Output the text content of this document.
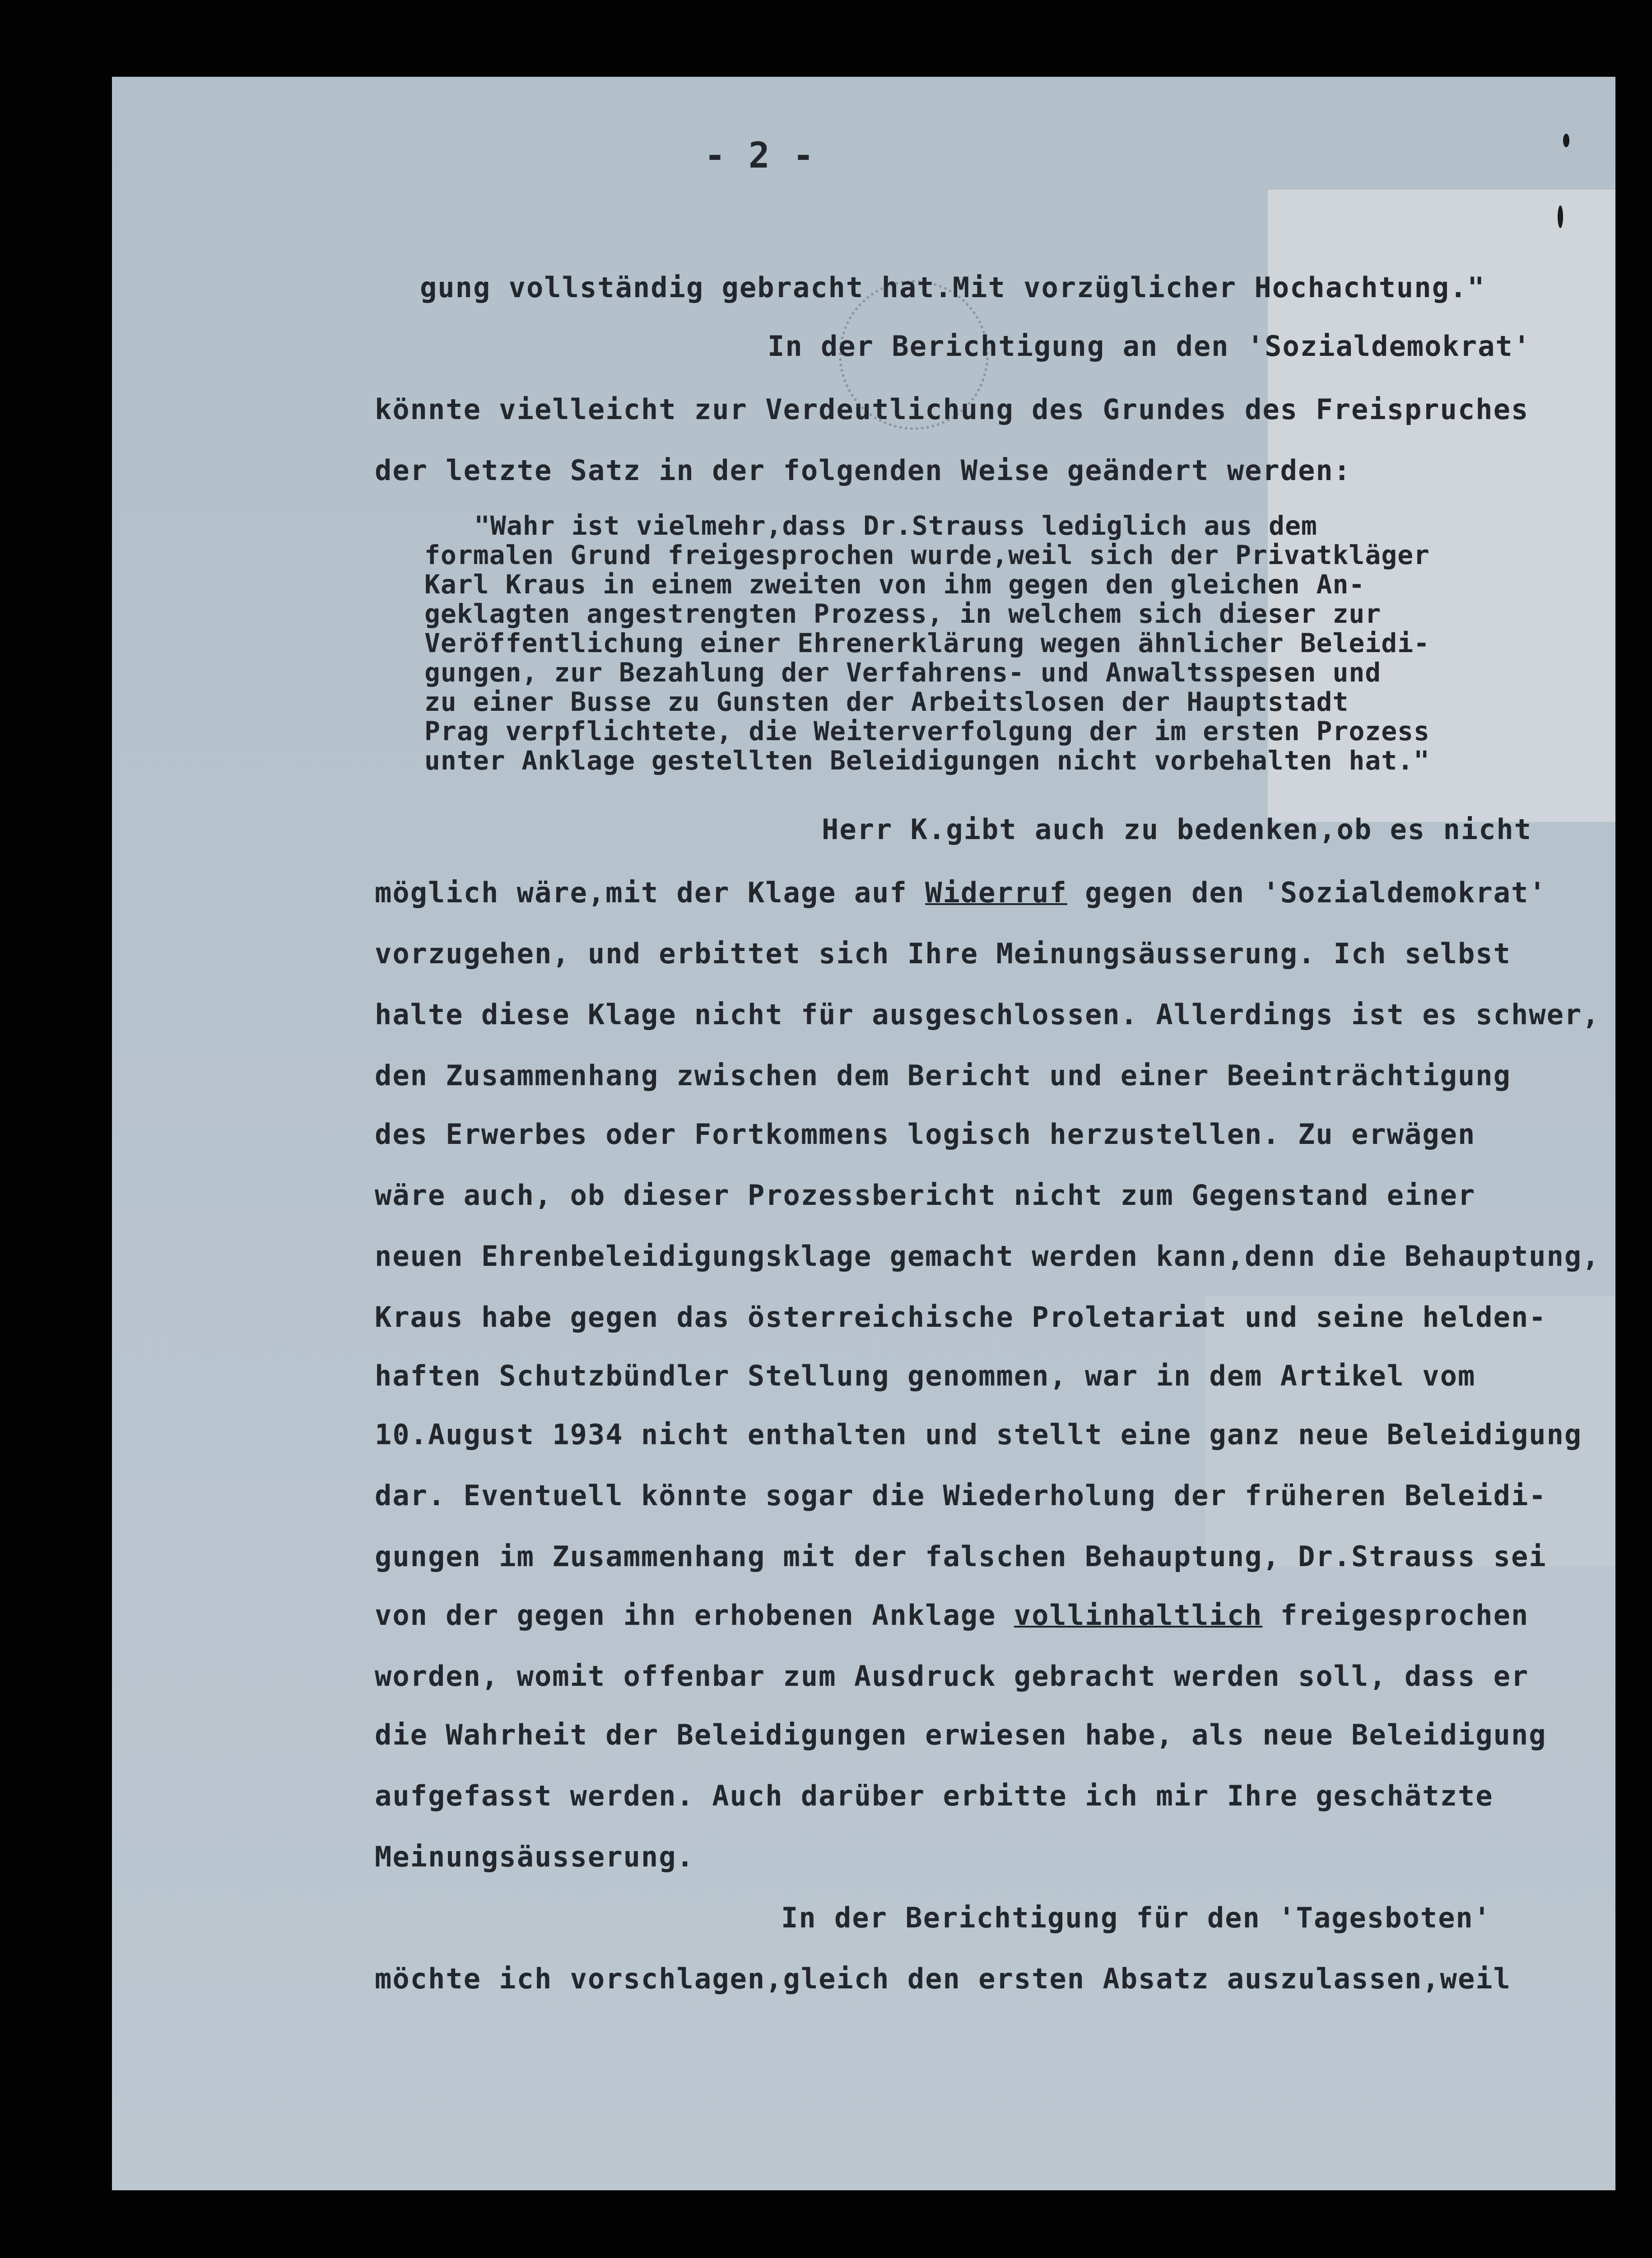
- 2 -
gung vollständig gebracht hat.Mit vorzüglicher Hochachtung."
In der Berichtigung an den 'Sozialdemokrat'
könnte vielleicht zur Verdeutlichung des Grundes des Freispruches
der letzte Satz in der folgenden Weise geändert werden:
"Wahr ist vielmehr,dass Dr.Strauss lediglich aus dem
formalen Grund freigesprochen wurde,weil sich der Privatkläger
Karl Kraus in einem zweiten von ihm gegen den gleichen An-
geklagten angestrengten Prozess, in welchem sich dieser zur
Veröffentlichung einer Ehrenerklärung wegen ähnlicher Beleidi-
gungen, zur Bezahlung der Verfahrens- und Anwaltsspesen und
zu einer Busse zu Gunsten der Arbeitslosen der Hauptstadt
Prag verpflichtete, die Weiterverfolgung der im ersten Prozess
unter Anklage gestellten Beleidigungen nicht vorbehalten hat."
Herr K.gibt auch zu bedenken,ob es nicht
möglich wäre,mit der Klage auf Widerruf gegen den 'Sozialdemokrat'
vorzugehen, und erbittet sich Ihre Meinungsäusserung. Ich selbst
halte diese Klage nicht für ausgeschlossen. Allerdings ist es schwer,
den Zusammenhang zwischen dem Bericht und einer Beeinträchtigung
des Erwerbes oder Fortkommens logisch herzustellen. Zu erwägen
wäre auch, ob dieser Prozessbericht nicht zum Gegenstand einer
neuen Ehrenbeleidigungsklage gemacht werden kann,denn die Behauptung,
Kraus habe gegen das österreichische Proletariat und seine helden-
haften Schutzbündler Stellung genommen, war in dem Artikel vom
10.August 1934 nicht enthalten und stellt eine ganz neue Beleidigung
dar. Eventuell könnte sogar die Wiederholung der früheren Beleidi-
gungen im Zusammenhang mit der falschen Behauptung, Dr.Strauss sei
von der gegen ihn erhobenen Anklage vollinhaltlich freigesprochen
worden, womit offenbar zum Ausdruck gebracht werden soll, dass er
die Wahrheit der Beleidigungen erwiesen habe, als neue Beleidigung
aufgefasst werden. Auch darüber erbitte ich mir Ihre geschätzte
Meinungsäusserung.
In der Berichtigung für den 'Tagesboten'
möchte ich vorschlagen,gleich den ersten Absatz auszulassen,weil
